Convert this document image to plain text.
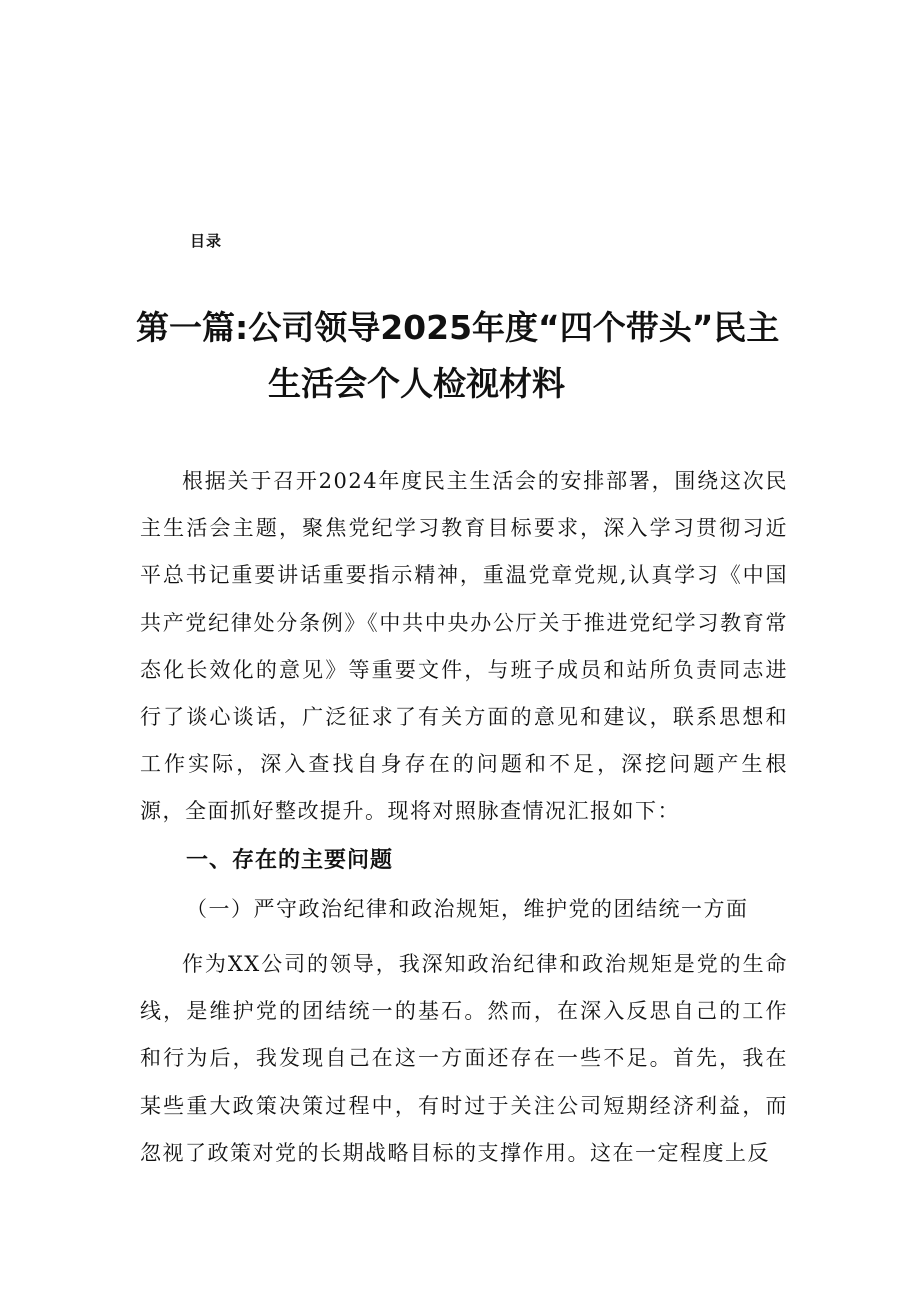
目录
第一篇:公司领导2025年度“四个带头”民主
生活会个人检视材料

根据关于召开2024年度民主生活会的安排部署，围绕这次民主生活会主题，聚焦党纪学习教育目标要求，深入学习贯彻习近平总书记重要讲话重要指示精神，重温党章党规,认真学习《中国共产党纪律处分条例》《中共中央办公厅关于推进党纪学习教育常态化长效化的意见》等重要文件，与班子成员和站所负责同志进行了谈心谈话，广泛征求了有关方面的意见和建议，联系思想和工作实际，深入查找自身存在的问题和不足，深挖问题产生根源，全面抓好整改提升。现将对照脉查情况汇报如下：

一、存在的主要问题
（一）严守政治纪律和政治规矩，维护党的团结统一方面

作为XX公司的领导，我深知政治纪律和政治规矩是党的生命线，是维护党的团结统一的基石。然而，在深入反思自己的工作和行为后，我发现自己在这一方面还存在一些不足。首先，我在某些重大政策决策过程中，有时过于关注公司短期经济利益，而忽视了政策对党的长期战略目标的支撑作用。这在一定程度上反
